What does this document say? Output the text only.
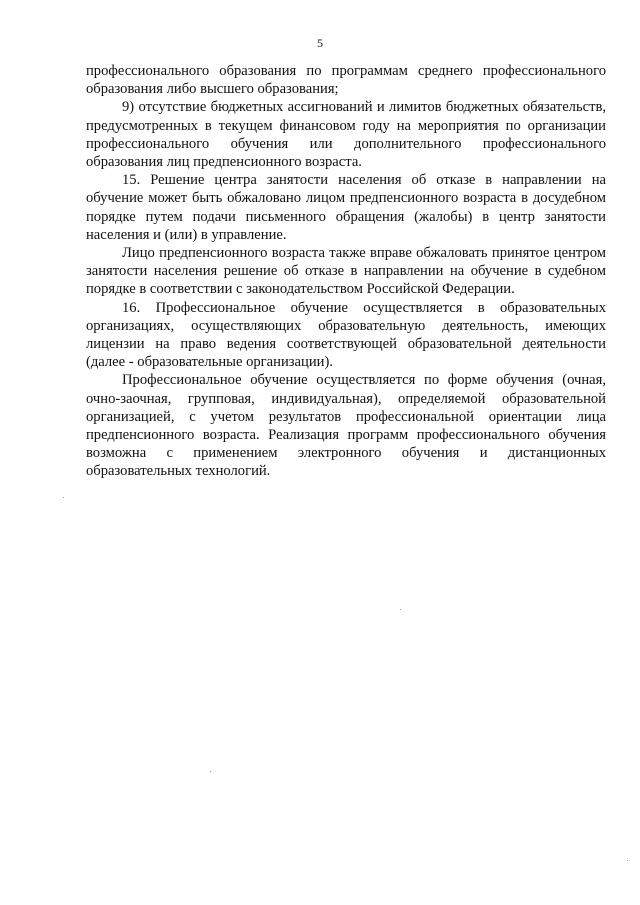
5

профессионального образования по программам среднего профессионального образования либо высшего образования;

9) отсутствие бюджетных ассигнований и лимитов бюджетных обязательств, предусмотренных в текущем финансовом году на мероприятия по организации профессионального обучения или дополнительного профессионального образования лиц предпенсионного возраста.

15. Решение центра занятости населения об отказе в направлении на обучение может быть обжаловано лицом предпенсионного возраста в досудебном порядке путем подачи письменного обращения (жалобы) в центр занятости населения и (или) в управление.

Лицо предпенсионного возраста также вправе обжаловать принятое центром занятости населения решение об отказе в направлении на обучение в судебном порядке в соответствии с законодательством Российской Федерации.

16. Профессиональное обучение осуществляется в образовательных организациях, осуществляющих образовательную деятельность, имеющих лицензии на право ведения соответствующей образовательной деятельности (далее - образовательные организации).

Профессиональное обучение осуществляется по форме обучения (очная, очно-заочная, групповая, индивидуальная), определяемой образовательной организацией, с учетом результатов профессиональной ориентации лица предпенсионного возраста. Реализация программ профессионального обучения возможна с применением электронного обучения и дистанционных образовательных технологий.
